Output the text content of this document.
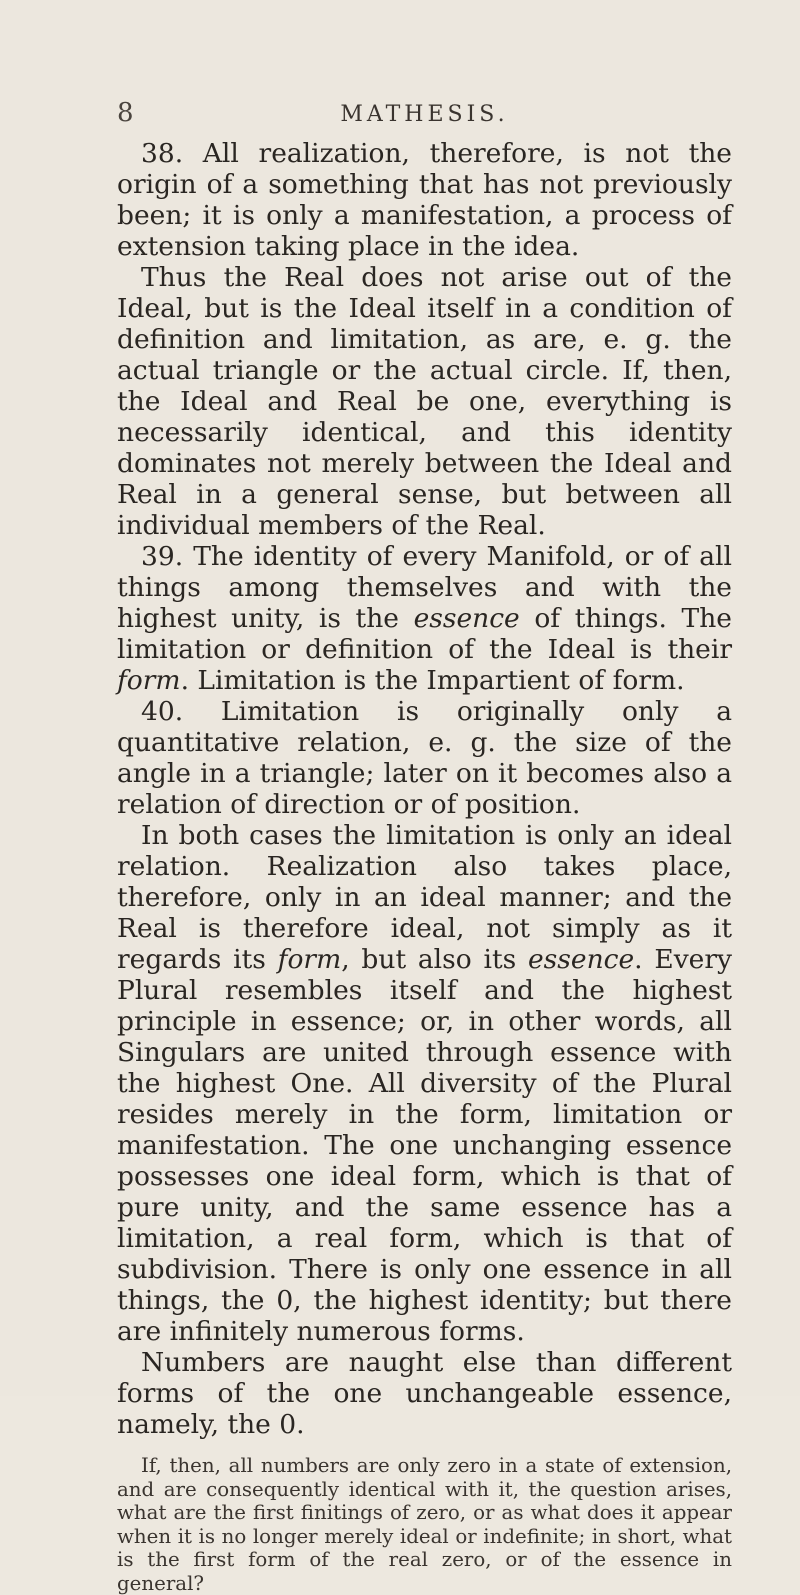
8	MATHESIS.

38. All realization, therefore, is not the origin of a something that has not previously been; it is only a manifestation, a process of extension taking place in the idea.

Thus the Real does not arise out of the Ideal, but is the Ideal itself in a condition of definition and limitation, as are, e. g. the actual triangle or the actual circle. If, then, the Ideal and Real be one, everything is necessarily identical, and this identity dominates not merely between the Ideal and Real in a general sense, but between all individual members of the Real.

39. The identity of every Manifold, or of all things among themselves and with the highest unity, is the essence of things. The limitation or definition of the Ideal is their form. Limitation is the Impartient of form.

40. Limitation is originally only a quantitative relation, e. g. the size of the angle in a triangle; later on it becomes also a relation of direction or of position.

In both cases the limitation is only an ideal relation. Realization also takes place, therefore, only in an ideal manner; and the Real is therefore ideal, not simply as it regards its form, but also its essence. Every Plural resembles itself and the highest principle in essence; or, in other words, all Singulars are united through essence with the highest One. All diversity of the Plural resides merely in the form, limitation or manifestation. The one unchanging essence possesses one ideal form, which is that of pure unity, and the same essence has a limitation, a real form, which is that of subdivision. There is only one essence in all things, the 0, the highest identity; but there are infinitely numerous forms.

Numbers are naught else than different forms of the one unchangeable essence, namely, the 0.

If, then, all numbers are only zero in a state of extension, and are consequently identical with it, the question arises, what are the first finitings of zero, or as what does it appear when it is no longer merely ideal or indefinite; in short, what is the first form of the real zero, or of the essence in general?
